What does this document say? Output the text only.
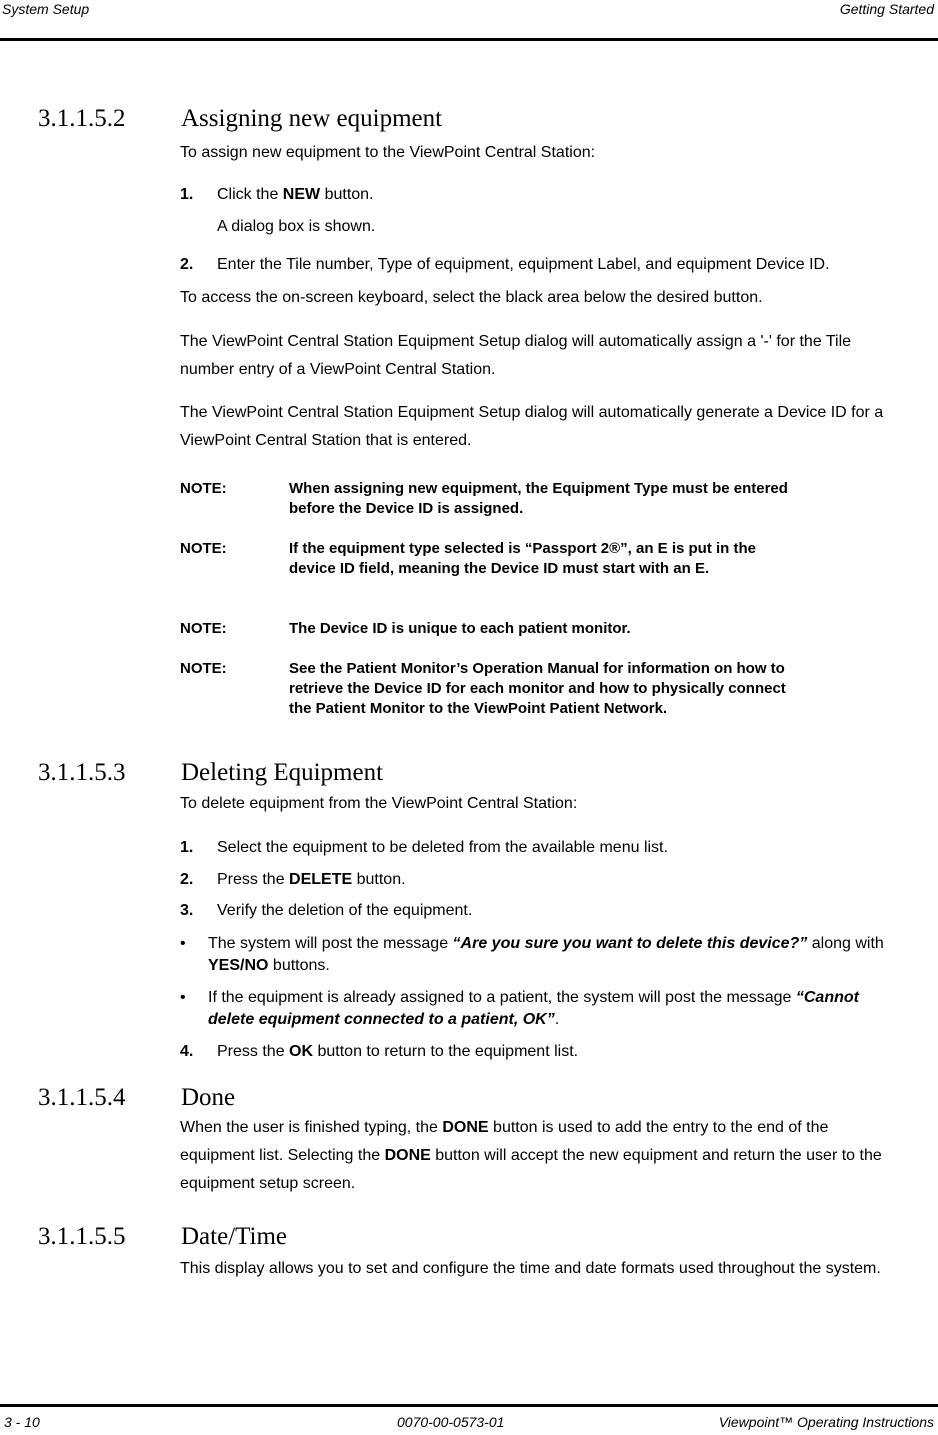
System Setup	Getting Started
3.1.1.5.2 Assigning new equipment
To assign new equipment to the ViewPoint Central Station:
1. Click the NEW button.
A dialog box is shown.
2. Enter the Tile number, Type of equipment, equipment Label, and equipment Device ID.
To access the on-screen keyboard, select the black area below the desired button.
The ViewPoint Central Station Equipment Setup dialog will automatically assign a '-' for the Tile number entry of a ViewPoint Central Station.
The ViewPoint Central Station Equipment Setup dialog will automatically generate a Device ID for a ViewPoint Central Station that is entered.
NOTE:	When assigning new equipment, the Equipment Type must be entered before the Device ID is assigned.
NOTE:	If the equipment type selected is “Passport 2®”, an E is put in the device ID field, meaning the Device ID must start with an E.
NOTE:	The Device ID is unique to each patient monitor.
NOTE:	See the Patient Monitor’s Operation Manual for information on how to retrieve the Device ID for each monitor and how to physically connect the Patient Monitor to the ViewPoint Patient Network.
3.1.1.5.3 Deleting Equipment
To delete equipment from the ViewPoint Central Station:
1. Select the equipment to be deleted from the available menu list.
2. Press the DELETE button.
3. Verify the deletion of the equipment.
• The system will post the message “Are you sure you want to delete this device?” along with YES/NO buttons.
• If the equipment is already assigned to a patient, the system will post the message “Cannot delete equipment connected to a patient, OK”.
4. Press the OK button to return to the equipment list.
3.1.1.5.4 Done
When the user is finished typing, the DONE button is used to add the entry to the end of the equipment list. Selecting the DONE button will accept the new equipment and return the user to the equipment setup screen.
3.1.1.5.5 Date/Time
This display allows you to set and configure the time and date formats used throughout the system.
3 - 10	0070-00-0573-01	Viewpoint™ Operating Instructions
